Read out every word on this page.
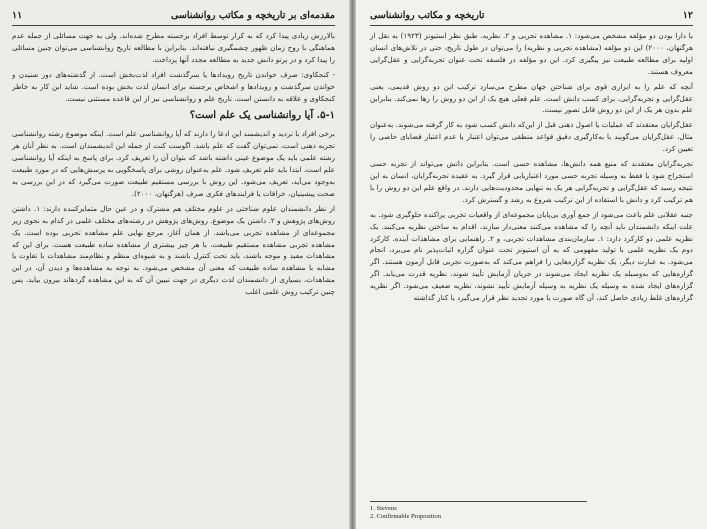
مقدمه‌ای بر تاریخچه و مکاتب روانشناسی
۱۱

بالارزش زیادی پیدا کرد که به کرار توسط افراد برجسته مطرح شده‌اند. ولی به جهت مسائلی از جمله عدم هماهنگی با روح زمان ظهور چشمگیری نیافته‌اند. بنابراین با مطالعه تاریخ روانشناسی می‌توان چنین مسائلی را پیدا کرد و در پرتو دانش جدید به مطالعه مجدد آنها پرداخت.

- کنجکاوی: صرف خواندن تاریخ رویدادها یا سرگذشت افراد لذت‌بخش است. از گذشته‌های دور شنیدن و خواندن سرگذشت و رویدادها و اشخاص برجسته برای انسان لذت بخش بوده است. شاید این کار به خاطر کنجکاوی و علاقه به دانستن است. تاریخ علم و روانشناسی نیز از این قاعده مستثنی نیست.

۵-۱. آیا روانشناسی یک علم است؟

برخی افراد با تردید و اندیشمند این ادعا را دارند که آیا روانشناسی علم است. اینکه موضوع رشته روانشناسی تجربه ذهنی است، نمی‌توان گفت که علم باشد. اگوست کنت از جمله این اندیشمندان است. به نظر آنان هر رشته علمی باید یک موضوع عینی داشته باشد که بتوان آن را تعریف کرد. برای پاسخ به اینکه آیا روانشناسی علم است، ابتدا باید علم تعریف شود. علم به‌عنوان روشی برای پاسخگویی به پرسش‌هایی که در مورد طبیعت به‌وجود می‌آید، تعریف می‌شود. این روش با بررسی مستقیم طبیعت صورت می‌گیرد که در این بررسی به صحت پیشینیان، خرافات یا فرایندهای فکری صرف (هرگنهان، ۲۰۰۰).

از نظر دانشمندان علوم شناختی در علوم مختلف هم مشترک و در عین حال متمایزکننده دارند: ۱. داشتن روش‌های پژوهش و ۲. داشتن یک موضوع. روش‌های پژوهش در رشته‌های مختلف علمی در کدام به نحوی زیر مجموعه‌ای از مشاهده تجربی می‌باشد. از همان آغاز، مرجع نهایی علم مشاهده تجربی بوده است. یک مشاهده تجربی مشاهده مستقیم طبیعت، با هر چیز بیشتری از مشاهده ساده طبیعت هست. برای این که مشاهدات مفید و موجه باشند، باید تحت کنترل باشند و به شیوه‌ای منظم و نظام‌مند مشاهدات با تفاوت یا مشابه با مشاهده ساده طبیعت که معنی آن مشخص می‌شود. به توجه به مشاهده‌ها و دیدن آن، در این مشاهدات، بسیاری از دانشمندان لذت دیگری در جهت تبیین آن که به این مشاهده گردهاند بیرون بیاید. پس چنین ترکیب روش علمی اغلب

۱۲
تاریخچه و مکاتب روانشناسی

با دارا بودن دو مؤلفه مشخص می‌شود: ۱. مشاهده تجربی و ۲. نظریه. طبق نظر استیونز (۱۹۲۳) به نقل از هرگنهان، ۲۰۰۰) این دو مؤلفه (مشاهده تجربی و نظریه) را می‌توان در طول تاریخ، حتی در تلاش‌های انسان اولیه برای مطالعه طبیعت نیز پیگیری کرد. این دو مؤلفه در فلسفه تحت عنوان تجربه‌گرایی و عقل‌گرایی معروف هستند.

آنچه که علم را به ابزاری قوی برای شناختن جهان مطرح می‌سازد ترکیب این دو روش قدیمی، یعنی عقل‌گرایی و تجربه‌گرایی، برای کسب دانش است. علم فعلی هیچ یک از این دو روش را رها نمی‌کند. بنابراین علم بدون هر یک از این دو روش قابل تصور نیست.

عقل‌گرایان معتقدند که عملیات یا اصول ذهنی قبل از این‌که دانش کسب شود به کار گرفته می‌شوند. به‌عنوان مثال، عقل‌گرایان می‌گویند با به‌کارگیری دقیق قواعد منطقی می‌توان اعتبار یا عدم اعتبار قضایای خاصی را تعیین کرد.

تجربه‌گرایان معتقدند که منبع همه دانش‌ها، مشاهده حسی است. بنابراین دانش می‌تواند از تجربه حسی استخراج شود یا فقط به وسیله تجربه حسی مورد اعتباریابی قرار گیرد. به عقیده تجربه‌گرایان، انسان به این نتیجه رسید که عقل‌گرایی و تجربه‌گرایی هر یک به تنهایی محدودیت‌هایی دارند. در واقع علم این دو روش را با هم ترکیب کرد و دانش با استفاده از این ترکیب شروع به رشد و گسترش کرد.

جنبه عقلانی علم باعث می‌شود از جمع آوری بی‌پایان مجموعه‌ای از واقعیات تجربی پراکنده جلوگیری شود. به علت اینکه دانشمندان باید آنچه را که مشاهده می‌کنند معنی‌دار سازند، اقدام به ساختن نظریه می‌کنند. یک نظریه علمی دو کارکرد دارد: ۱. سازمان‌بندی مشاهدات تجربی، و ۲. راهنمایی برای مشاهدات آینده. کارکرد دوم یک نظریه علمی با تولید مفهومی که به آن استیونز تحت عنوان گزاره اثبات‌پذیر نام می‌برد، انجام می‌شود. به عبارت دیگر، یک نظریه گزاره‌هایی را فراهم می‌کند که به‌صورت تجربی قابل آزمون هستند. اگر گزاره‌هایی که به‌وسیله یک نظریه ایجاد می‌شوند در جریان آزمایش تأیید شوند، نظریه قدرت می‌یابد. اگر گزاره‌های ایجاد شده به وسیله یک نظریه به وسیله آزمایش تأیید نشوند، نظریه ضعیف می‌شود. اگر نظریه گزاره‌های غلط زیادی حاصل کند، آن گاه صورت یا مورد تجدید نظر قرار می‌گیرد یا کنار گذاشته

1. Stevens
2. Confirmable Proposition
